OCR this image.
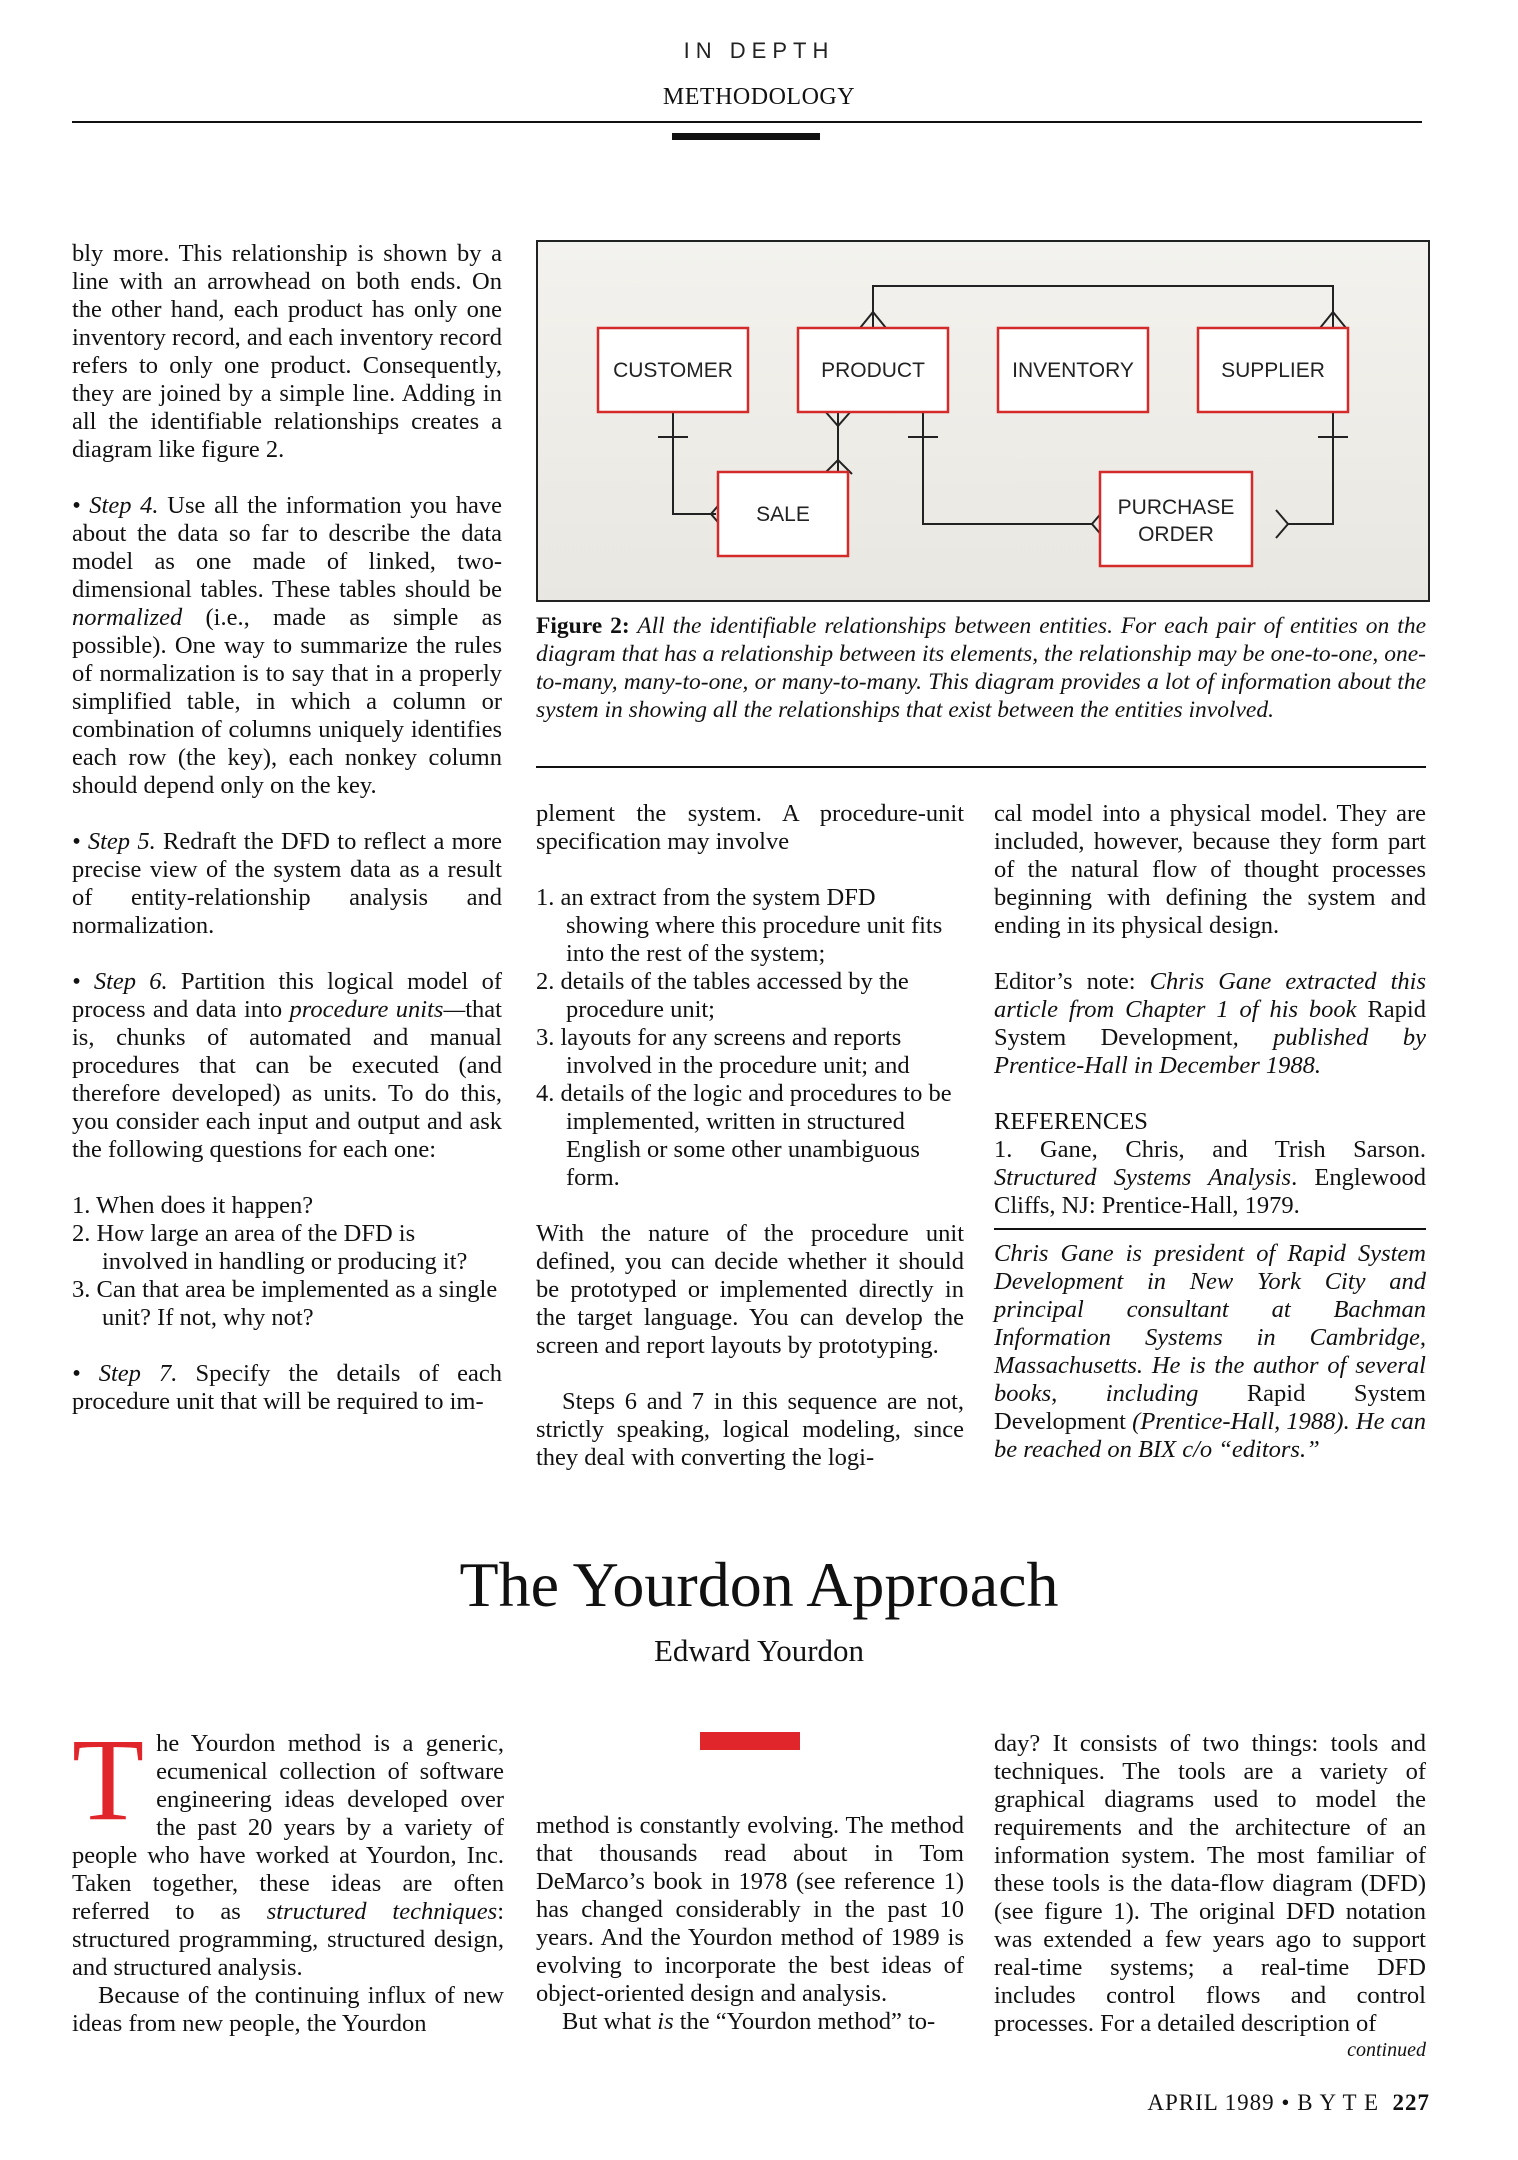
IN DEPTH
METHODOLOGY

bly more. This relationship is shown by a line with an arrowhead on both ends. On the other hand, each product has only one inventory record, and each inventory record refers to only one product. Consequently, they are joined by a simple line. Adding in all the identifiable relationships creates a diagram like figure 2.

• Step 4. Use all the information you have about the data so far to describe the data model as one made of linked, two-dimensional tables. These tables should be normalized (i.e., made as simple as possible). One way to summarize the rules of normalization is to say that in a properly simplified table, in which a column or combination of columns uniquely identifies each row (the key), each nonkey column should depend only on the key.

• Step 5. Redraft the DFD to reflect a more precise view of the system data as a result of entity-relationship analysis and normalization.

• Step 6. Partition this logical model of process and data into procedure units—that is, chunks of automated and manual procedures that can be executed (and therefore developed) as units. To do this, you consider each input and output and ask the following questions for each one:

1. When does it happen?

2. How large an area of the DFD is involved in handling or producing it?

3. Can that area be implemented as a single unit? If not, why not?

• Step 7. Specify the details of each procedure unit that will be required to im-

CUSTOMER	PRODUCT	INVENTORY	SUPPLIER
SALE	PURCHASE
ORDER
Figure 2: All the identifiable relationships between entities. For each pair of entities on the diagram that has a relationship between its elements, the relationship may be one-to-one, one-to-many, many-to-one, or many-to-many. This diagram provides a lot of information about the system in showing all the relationships that exist between the entities involved.

plement the system. A procedure-unit specification may involve

1. an extract from the system DFD showing where this procedure unit fits into the rest of the system;

2. details of the tables accessed by the procedure unit;

3. layouts for any screens and reports involved in the procedure unit; and

4. details of the logic and procedures to be implemented, written in structured English or some other unambiguous form.

With the nature of the procedure unit defined, you can decide whether it should be prototyped or implemented directly in the target language. You can develop the screen and report layouts by prototyping.

Steps 6 and 7 in this sequence are not, strictly speaking, logical modeling, since they deal with converting the logi-

cal model into a physical model. They are included, however, because they form part of the natural flow of thought processes beginning with defining the system and ending in its physical design.

Editor’s note: Chris Gane extracted this article from Chapter 1 of his book Rapid System Development, published by Prentice-Hall in December 1988.

REFERENCES

1. Gane, Chris, and Trish Sarson. Structured Systems Analysis. Englewood Cliffs, NJ: Prentice-Hall, 1979.

Chris Gane is president of Rapid System Development in New York City and principal consultant at Bachman Information Systems in Cambridge, Massachusetts. He is the author of several books, including Rapid System Development (Prentice-Hall, 1988). He can be reached on BIX c/o “editors.”

The Yourdon Approach
Edward Yourdon

The Yourdon method is a generic, ecumenical collection of software engineering ideas developed over the past 20 years by a variety of people who have worked at Yourdon, Inc. Taken together, these ideas are often referred to as structured techniques: structured programming, structured design, and structured analysis.

Because of the continuing influx of new ideas from new people, the Yourdon

method is constantly evolving. The method that thousands read about in Tom DeMarco’s book in 1978 (see reference 1) has changed considerably in the past 10 years. And the Yourdon method of 1989 is evolving to incorporate the best ideas of object-oriented design and analysis.

But what is the “Yourdon method” to-

day? It consists of two things: tools and techniques. The tools are a variety of graphical diagrams used to model the requirements and the architecture of an information system. The most familiar of these tools is the data-flow diagram (DFD) (see figure 1). The original DFD notation was extended a few years ago to support real-time systems; a real-time DFD includes control flows and control processes. For a detailed description of

continued

APRIL 1989 • B Y T E 227
